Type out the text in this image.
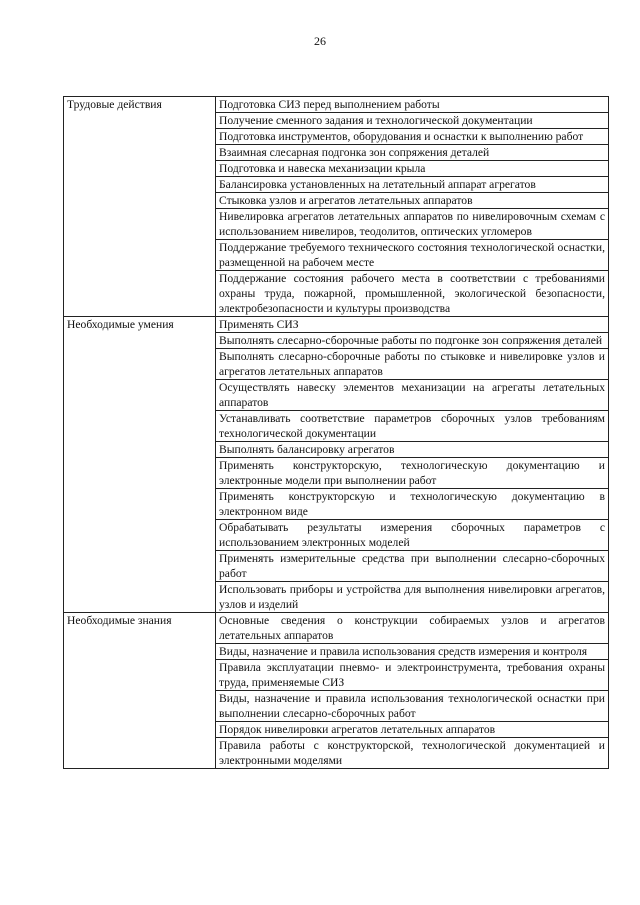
26
Трудовые действия	Подготовка СИЗ перед выполнением работы
	Получение сменного задания и технологической документации
	Подготовка инструментов, оборудования и оснастки к выполнению работ
	Взаимная слесарная подгонка зон сопряжения деталей
	Подготовка и навеска механизации крыла
	Балансировка установленных на летательный аппарат агрегатов
	Стыковка узлов и агрегатов летательных аппаратов
	Нивелировка агрегатов летательных аппаратов по нивелировочным схемам с использованием нивелиров, теодолитов, оптических угломеров
	Поддержание требуемого технического состояния технологической оснастки, размещенной на рабочем месте
	Поддержание состояния рабочего места в соответствии с требованиями охраны труда, пожарной, промышленной, экологической безопасности, электробезопасности и культуры производства
Необходимые умения	Применять СИЗ
	Выполнять слесарно-сборочные работы по подгонке зон сопряжения деталей
	Выполнять слесарно-сборочные работы по стыковке и нивелировке узлов и агрегатов летательных аппаратов
	Осуществлять навеску элементов механизации на агрегаты летательных аппаратов
	Устанавливать соответствие параметров сборочных узлов требованиям технологической документации
	Выполнять балансировку агрегатов
	Применять конструкторскую, технологическую документацию и электронные модели при выполнении работ
	Применять конструкторскую и технологическую документацию в электронном виде
	Обрабатывать результаты измерения сборочных параметров с использованием электронных моделей
	Применять измерительные средства при выполнении слесарно-сборочных работ
	Использовать приборы и устройства для выполнения нивелировки агрегатов, узлов и изделий
Необходимые знания	Основные сведения о конструкции собираемых узлов и агрегатов летательных аппаратов
	Виды, назначение и правила использования средств измерения и контроля
	Правила эксплуатации пневмо- и электроинструмента, требования охраны труда, применяемые СИЗ
	Виды, назначение и правила использования технологической оснастки при выполнении слесарно-сборочных работ
	Порядок нивелировки агрегатов летательных аппаратов
	Правила работы с конструкторской, технологической документацией и электронными моделями
